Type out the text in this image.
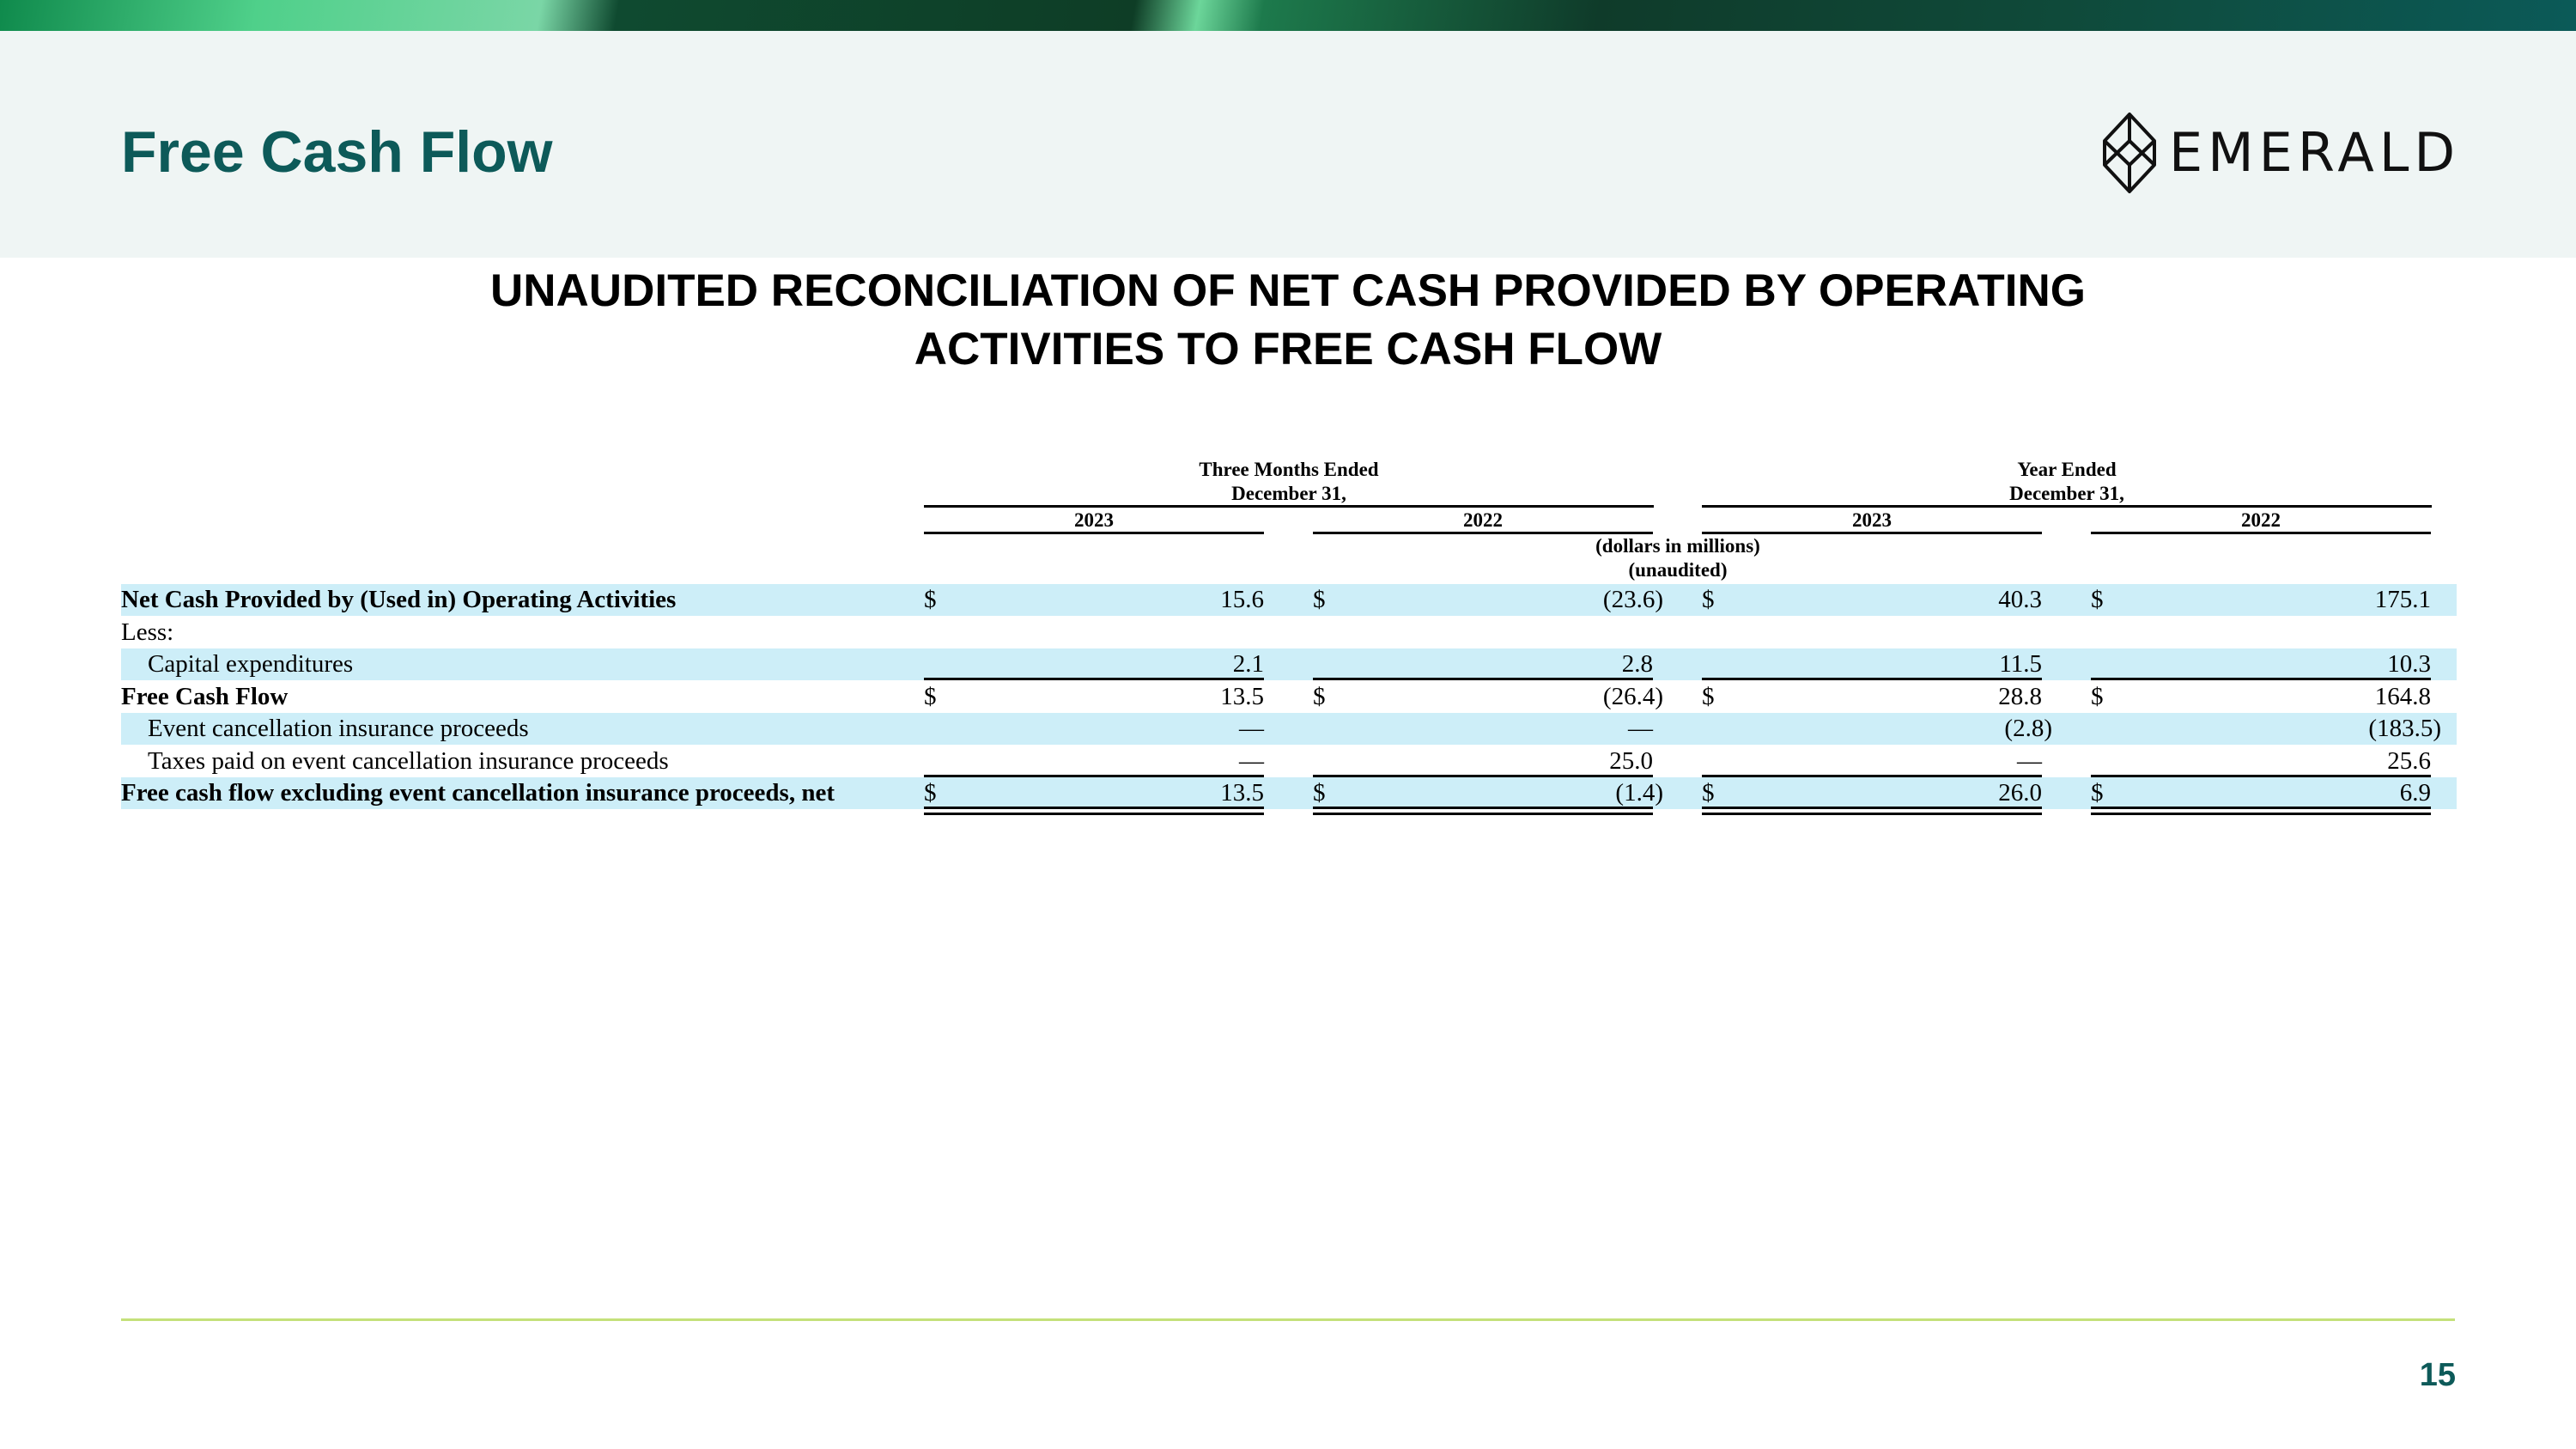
Free Cash Flow	EMERALD
UNAUDITED RECONCILIATION OF NET CASH PROVIDED BY OPERATING
ACTIVITIES TO FREE CASH FLOW
Three Months Ended
December 31,
Year Ended
December 31,
2023	2022	2023	2022
(dollars in millions)
(unaudited)
Net Cash Provided by (Used in) Operating Activities	$	15.6 $	(23.6) $	40.3 $	175.1
Less:
Capital expenditures	2.1	2.8	11.5	10.3
Free Cash Flow	$	13.5 $	(26.4) $	28.8 $	164.8
Event cancellation insurance proceeds	—	—	(2.8)	(183.5)
Taxes paid on event cancellation insurance proceeds	—	25.0	—	25.6
Free cash flow excluding event cancellation insurance proceeds, net	$	13.5 $	(1.4) $	26.0 $	6.9
15
